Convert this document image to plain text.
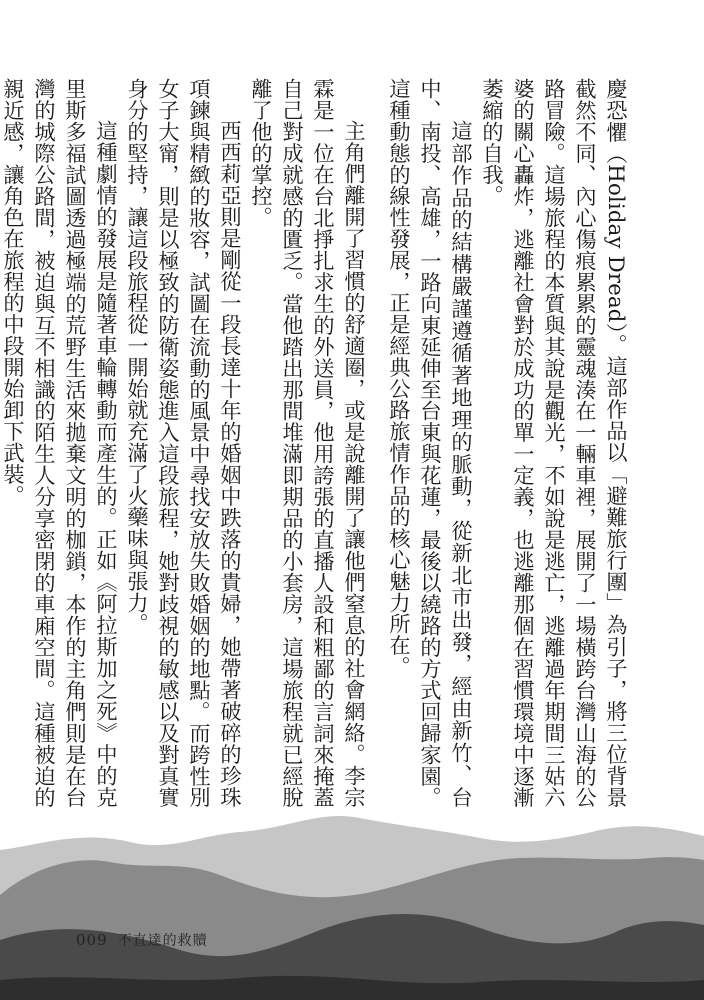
慶恐懼（Holiday Dread）。這部作品以「避難旅行團」為引子，將三位背景截然不同、內心傷痕累累的靈魂湊在一輛車裡，展開了一場橫跨台灣山海的公路冒險。這場旅程的本質與其說是觀光，不如說是逃亡，逃離過年期間三姑六婆的關心轟炸，逃離社會對於成功的單一定義，也逃離那個在習慣環境中逐漸萎縮的自我。

這部作品的結構嚴謹遵循著地理的脈動，從新北市出發，經由新竹、台中、南投、高雄，一路向東延伸至台東與花蓮，最後以繞路的方式回歸家園。這種動態的線性發展，正是經典公路旅情作品的核心魅力所在。

主角們離開了習慣的舒適圈，或是說離開了讓他們窒息的社會網絡。李宗霖是一位在台北掙扎求生的外送員，他用誇張的直播人設和粗鄙的言詞來掩蓋自己對成就感的匱乏。當他踏出那間堆滿即期品的小套房，這場旅程就已經脫離了他的掌控。

西西莉亞則是剛從一段長達十年的婚姻中跌落的貴婦，她帶著破碎的珍珠項鍊與精緻的妝容，試圖在流動的風景中尋找安放失敗婚姻的地點。而跨性別女子大甯，則是以極致的防衛姿態進入這段旅程，她對歧視的敏感以及對真實身分的堅持，讓這段旅程從一開始就充滿了火藥味與張力。

這種劇情的發展是隨著車輪轉動而產生的。正如《阿拉斯加之死》中的克里斯多福試圖透過極端的荒野生活來拋棄文明的枷鎖，本作的主角們則是在台灣的城際公路間，被迫與互不相識的陌生人分享密閉的車廂空間。這種被迫的親近感，讓角色在旅程的中段開始卸下武裝。

009 不直達的救贖
